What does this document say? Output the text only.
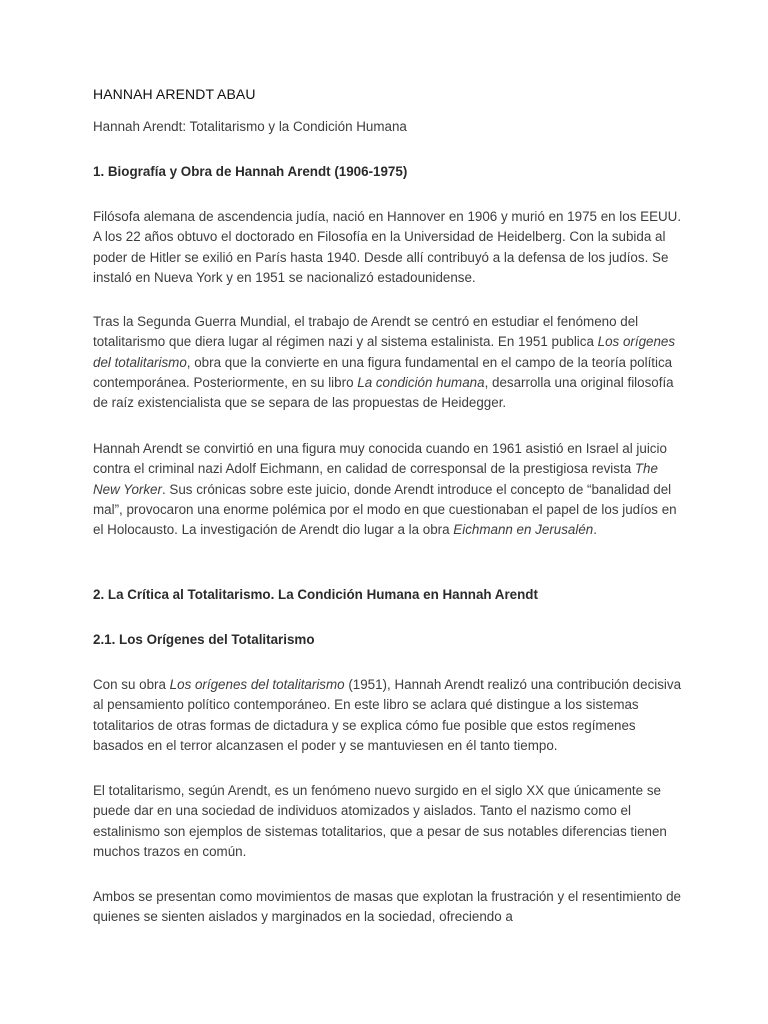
HANNAH ARENDT ABAU

Hannah Arendt: Totalitarismo y la Condición Humana

1. Biografía y Obra de Hannah Arendt (1906-1975)

Filósofa alemana de ascendencia judía, nació en Hannover en 1906 y murió en 1975 en los EEUU. A los 22 años obtuvo el doctorado en Filosofía en la Universidad de Heidelberg. Con la subida al poder de Hitler se exilió en París hasta 1940. Desde allí contribuyó a la defensa de los judíos. Se instaló en Nueva York y en 1951 se nacionalizó estadounidense.

Tras la Segunda Guerra Mundial, el trabajo de Arendt se centró en estudiar el fenómeno del totalitarismo que diera lugar al régimen nazi y al sistema estalinista. En 1951 publica Los orígenes del totalitarismo, obra que la convierte en una figura fundamental en el campo de la teoría política contemporánea. Posteriormente, en su libro La condición humana, desarrolla una original filosofía de raíz existencialista que se separa de las propuestas de Heidegger.

Hannah Arendt se convirtió en una figura muy conocida cuando en 1961 asistió en Israel al juicio contra el criminal nazi Adolf Eichmann, en calidad de corresponsal de la prestigiosa revista The New Yorker. Sus crónicas sobre este juicio, donde Arendt introduce el concepto de “banalidad del mal”, provocaron una enorme polémica por el modo en que cuestionaban el papel de los judíos en el Holocausto. La investigación de Arendt dio lugar a la obra Eichmann en Jerusalén.

2. La Crítica al Totalitarismo. La Condición Humana en Hannah Arendt

2.1. Los Orígenes del Totalitarismo

Con su obra Los orígenes del totalitarismo (1951), Hannah Arendt realizó una contribución decisiva al pensamiento político contemporáneo. En este libro se aclara qué distingue a los sistemas totalitarios de otras formas de dictadura y se explica cómo fue posible que estos regímenes basados en el terror alcanzasen el poder y se mantuviesen en él tanto tiempo.

El totalitarismo, según Arendt, es un fenómeno nuevo surgido en el siglo XX que únicamente se puede dar en una sociedad de individuos atomizados y aislados. Tanto el nazismo como el estalinismo son ejemplos de sistemas totalitarios, que a pesar de sus notables diferencias tienen muchos trazos en común.

Ambos se presentan como movimientos de masas que explotan la frustración y el resentimiento de quienes se sienten aislados y marginados en la sociedad, ofreciendo a
